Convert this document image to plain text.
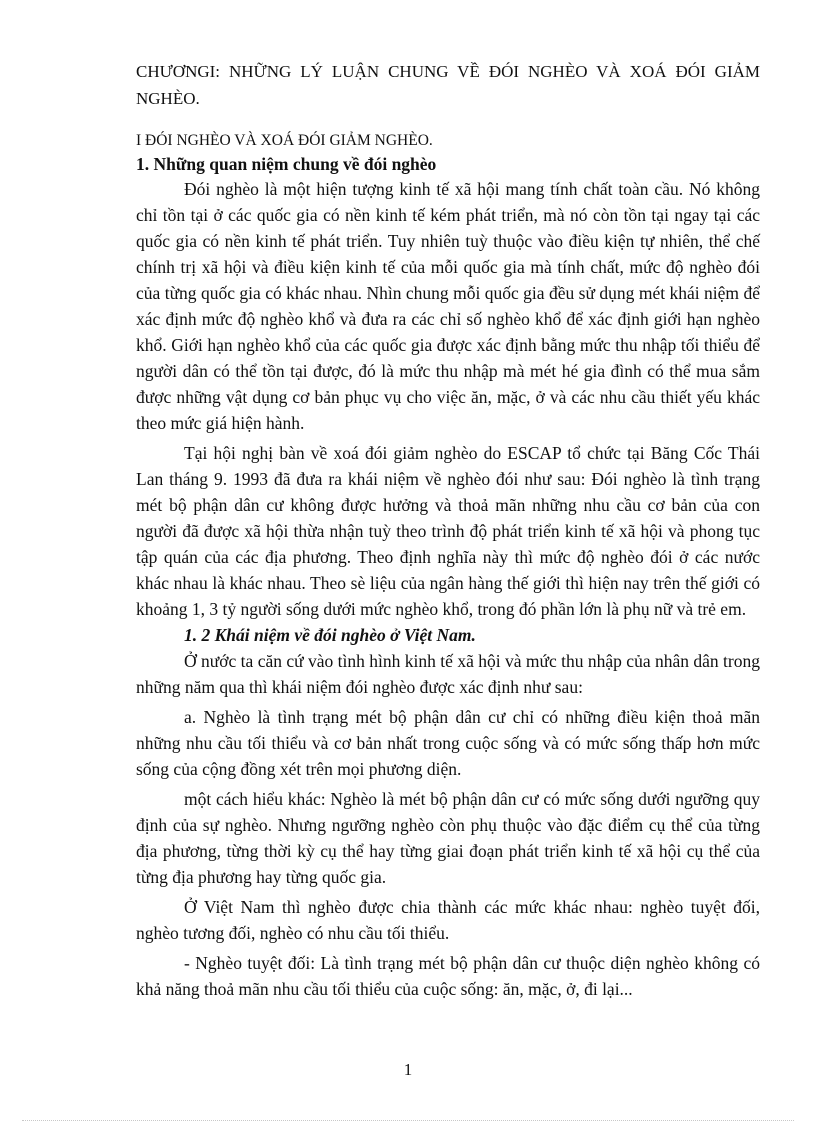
CHƯƠNGI: NHỮNG LÝ LUẬN CHUNG VỀ ĐÓI NGHÈO VÀ XOÁ ĐÓI GIẢM NGHÈO.

I ĐÓI NGHÈO VÀ XOÁ ĐÓI GIẢM NGHÈO.

1. Những quan niệm chung về đói nghèo

Đói nghèo là một hiện tượng kinh tế xã hội mang tính chất toàn cầu. Nó không chỉ tồn tại ở các quốc gia có nền kinh tế kém phát triển, mà nó còn tồn tại ngay tại các quốc gia có nền kinh tế phát triển. Tuy nhiên tuỳ thuộc vào điều kiện tự nhiên, thể chế chính trị xã hội và điều kiện kinh tế của mỗi quốc gia mà tính chất, mức độ nghèo đói của từng quốc gia có khác nhau. Nhìn chung mỗi quốc gia đều sử dụng mét khái niệm để xác định mức độ nghèo khổ và đưa ra các chỉ số nghèo khổ để xác định giới hạn nghèo khổ. Giới hạn nghèo khổ của các quốc gia được xác định bằng mức thu nhập tối thiểu để người dân có thể tồn tại được, đó là mức thu nhập mà mét hé gia đình có thể mua sắm được những vật dụng cơ bản phục vụ cho việc ăn, mặc, ở và các nhu cầu thiết yếu khác theo mức giá hiện hành.

Tại hội nghị bàn về xoá đói giảm nghèo do ESCAP tổ chức tại Băng Cốc Thái Lan tháng 9. 1993 đã đưa ra khái niệm về nghèo đói như sau: Đói nghèo là tình trạng mét bộ phận dân cư không được hưởng và thoả mãn những nhu cầu cơ bản của con người đã được xã hội thừa nhận tuỳ theo trình độ phát triển kinh tế xã hội và phong tục tập quán của các địa phương. Theo định nghĩa này thì mức độ nghèo đói ở các nước khác nhau là khác nhau. Theo sè liệu của ngân hàng thế giới thì hiện nay trên thế giới có khoảng 1, 3 tỷ người sống dưới mức nghèo khổ, trong đó phần lớn là phụ nữ và trẻ em.

1. 2 Khái niệm về đói nghèo ở Việt Nam.

Ở nước ta căn cứ vào tình hình kinh tế xã hội và mức thu nhập của nhân dân trong những năm qua thì khái niệm đói nghèo được xác định như sau:

a. Nghèo là tình trạng mét bộ phận dân cư chỉ có những điều kiện thoả mãn những nhu cầu tối thiểu và cơ bản nhất trong cuộc sống và có mức sống thấp hơn mức sống của cộng đồng xét trên mọi phương diện.

một cách hiểu khác: Nghèo là mét bộ phận dân cư có mức sống dưới ngưỡng quy định của sự nghèo. Nhưng ngưỡng nghèo còn phụ thuộc vào đặc điểm cụ thể của từng địa phương, từng thời kỳ cụ thể hay từng giai đoạn phát triển kinh tế xã hội cụ thể của từng địa phương hay từng quốc gia.

Ở Việt Nam thì nghèo được chia thành các mức khác nhau: nghèo tuyệt đối, nghèo tương đối, nghèo có nhu cầu tối thiểu.

- Nghèo tuyệt đối: Là tình trạng mét bộ phận dân cư thuộc diện nghèo không có khả năng thoả mãn nhu cầu tối thiểu của cuộc sống: ăn, mặc, ở, đi lại...

1
